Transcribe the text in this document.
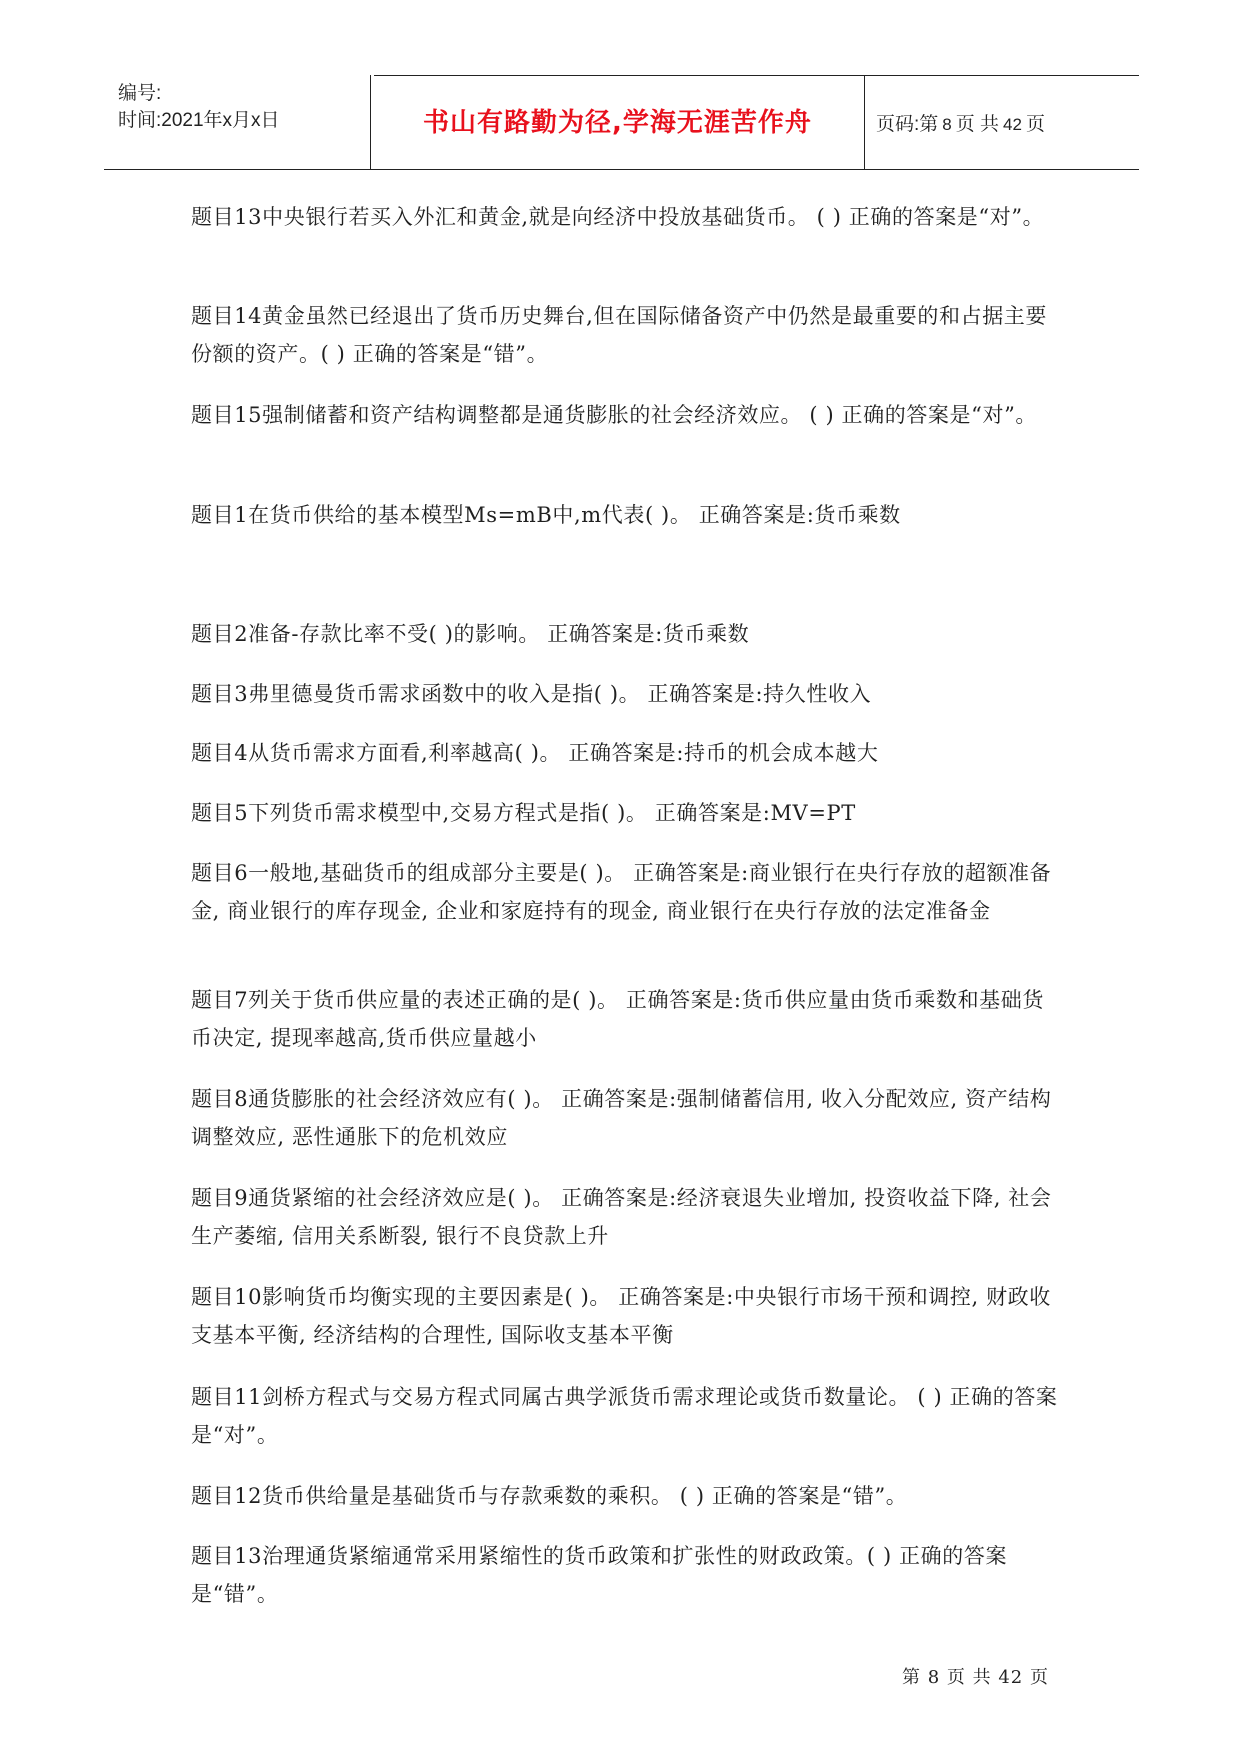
编号:
时间:2021年x月x日	书山有路勤为径,学海无涯苦作舟	页码:第 8 页 共 42 页
题目13中央银行若买入外汇和黄金,就是向经济中投放基础货币。 ( ) 正确的答案是“对”。
题目14黄金虽然已经退出了货币历史舞台,但在国际储备资产中仍然是最重要的和占据主要份额的资产。( ) 正确的答案是“错”。
题目15强制储蓄和资产结构调整都是通货膨胀的社会经济效应。 ( ) 正确的答案是“对”。
题目1在货币供给的基本模型Ms=mB中,m代表( )。 正确答案是:货币乘数
题目2准备-存款比率不受( )的影响。 正确答案是:货币乘数
题目3弗里德曼货币需求函数中的收入是指( )。 正确答案是:持久性收入
题目4从货币需求方面看,利率越高( )。 正确答案是:持币的机会成本越大
题目5下列货币需求模型中,交易方程式是指( )。 正确答案是:MV=PT
题目6一般地,基础货币的组成部分主要是( )。 正确答案是:商业银行在央行存放的超额准备金, 商业银行的库存现金, 企业和家庭持有的现金, 商业银行在央行存放的法定准备金
题目7列关于货币供应量的表述正确的是( )。 正确答案是:货币供应量由货币乘数和基础货币决定, 提现率越高,货币供应量越小
题目8通货膨胀的社会经济效应有( )。 正确答案是:强制储蓄信用, 收入分配效应, 资产结构调整效应, 恶性通胀下的危机效应
题目9通货紧缩的社会经济效应是( )。 正确答案是:经济衰退失业增加, 投资收益下降, 社会生产萎缩, 信用关系断裂, 银行不良贷款上升
题目10影响货币均衡实现的主要因素是( )。 正确答案是:中央银行市场干预和调控, 财政收支基本平衡, 经济结构的合理性, 国际收支基本平衡
题目11剑桥方程式与交易方程式同属古典学派货币需求理论或货币数量论。 ( ) 正确的答案是“对”。
题目12货币供给量是基础货币与存款乘数的乘积。 ( ) 正确的答案是“错”。
题目13治理通货紧缩通常采用紧缩性的货币政策和扩张性的财政政策。( ) 正确的答案是“错”。
第 8 页 共 42 页
